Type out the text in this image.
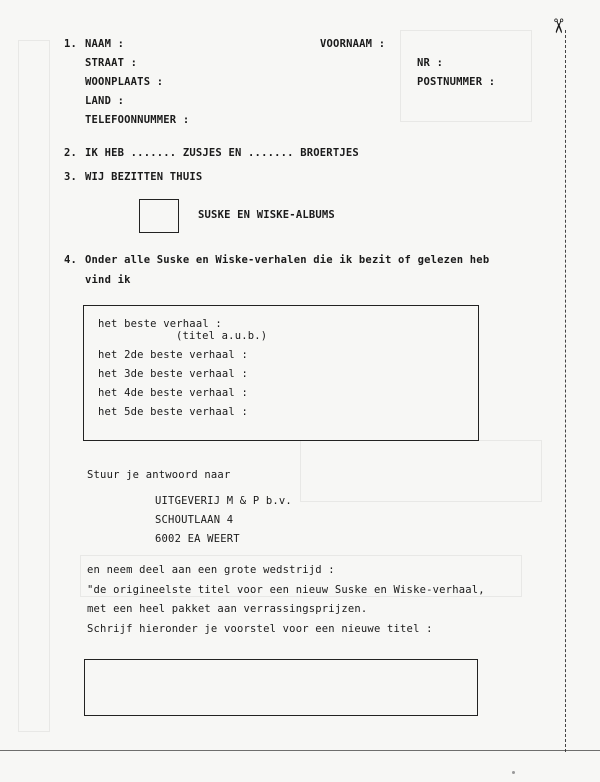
✂
1. NAAM :	VOORNAAM :
STRAAT :	NR :
WOONPLAATS :	POSTNUMMER :
LAND :
TELEFOONNUMMER :
2. IK HEB ....... ZUSJES EN ....... BROERTJES
3. WIJ BEZITTEN THUIS
SUSKE EN WISKE-ALBUMS
4. Onder alle Suske en Wiske-verhalen die ik bezit of gelezen heb
vind ik
het beste verhaal :
(titel a.u.b.)
het 2de beste verhaal :
het 3de beste verhaal :
het 4de beste verhaal :
het 5de beste verhaal :
Stuur je antwoord naar
UITGEVERIJ M & P b.v.
SCHOUTLAAN 4
6002 EA WEERT
en neem deel aan een grote wedstrijd :
"de origineelste titel voor een nieuw Suske en Wiske-verhaal,
met een heel pakket aan verrassingsprijzen.
Schrijf hieronder je voorstel voor een nieuwe titel :
